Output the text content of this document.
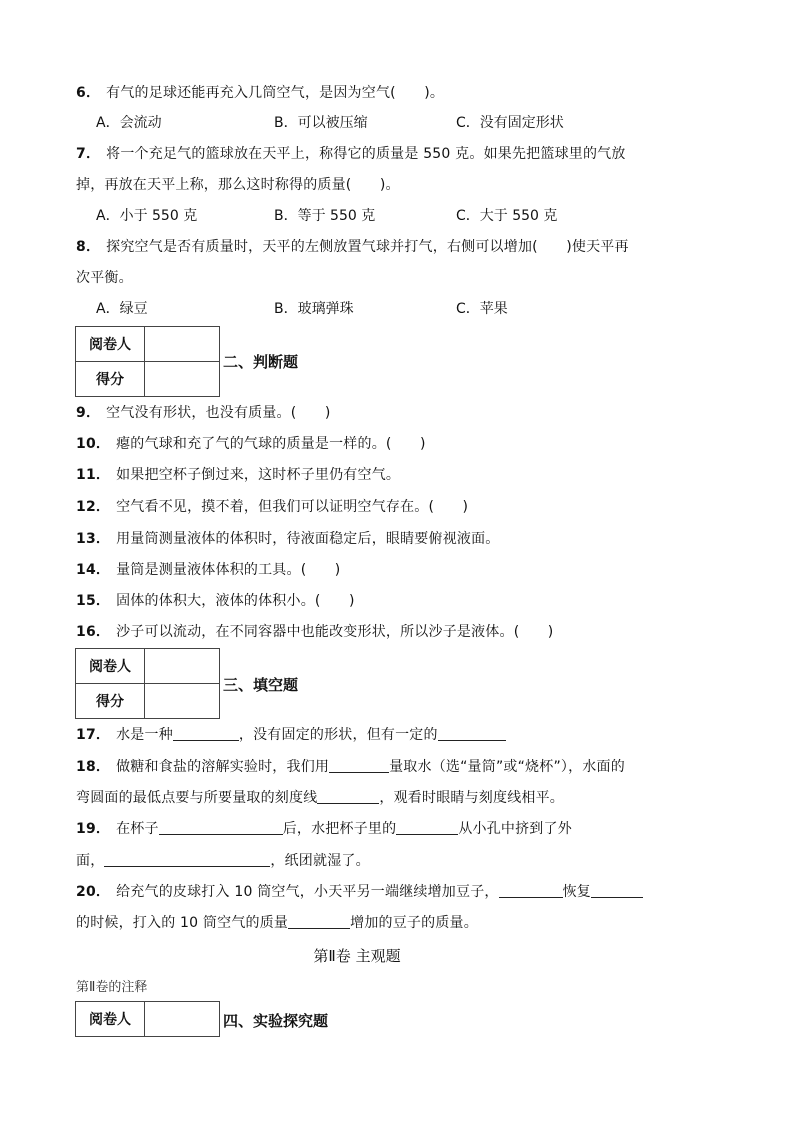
6． 有气的足球还能再充入几筒空气，是因为空气(　　)。
A．会流动	B．可以被压缩	C．没有固定形状
7． 将一个充足气的篮球放在天平上，称得它的质量是 550 克。如果先把篮球里的气放
掉，再放在天平上称，那么这时称得的质量(　　)。
A．小于 550 克	B．等于 550 克	C．大于 550 克
8． 探究空气是否有质量时，天平的左侧放置气球并打气，右侧可以增加(　　)使天平再
次平衡。
A．绿豆	B．玻璃弹珠	C．苹果
阅卷人	
得分	
二、判断题
9． 空气没有形状，也没有质量。(　　)
10． 瘪的气球和充了气的气球的质量是一样的。(　　)
11． 如果把空杯子倒过来，这时杯子里仍有空气。
12． 空气看不见，摸不着，但我们可以证明空气存在。(　　)
13． 用量筒测量液体的体积时，待液面稳定后，眼睛要俯视液面。
14． 量筒是测量液体体积的工具。(　　)
15． 固体的体积大，液体的体积小。(　　)
16． 沙子可以流动，在不同容器中也能改变形状，所以沙子是液体。(　　)
阅卷人	
得分	
三、填空题
17． 水是一种	，没有固定的形状，但有一定的
18． 做糖和食盐的溶解实验时，我们用	量取水（选“量筒”或“烧杯”），水面的
弯圆面的最低点要与所要量取的刻度线	，观看时眼睛与刻度线相平。
19． 在杯子	后，水把杯子里的	从小孔中挤到了外
面，	，纸团就湿了。
20． 给充气的皮球打入 10 筒空气，小天平另一端继续增加豆子，	恢复
的时候，打入的 10 筒空气的质量	增加的豆子的质量。
第Ⅱ卷 主观题
第Ⅱ卷的注释
阅卷人		四、实验探究题
